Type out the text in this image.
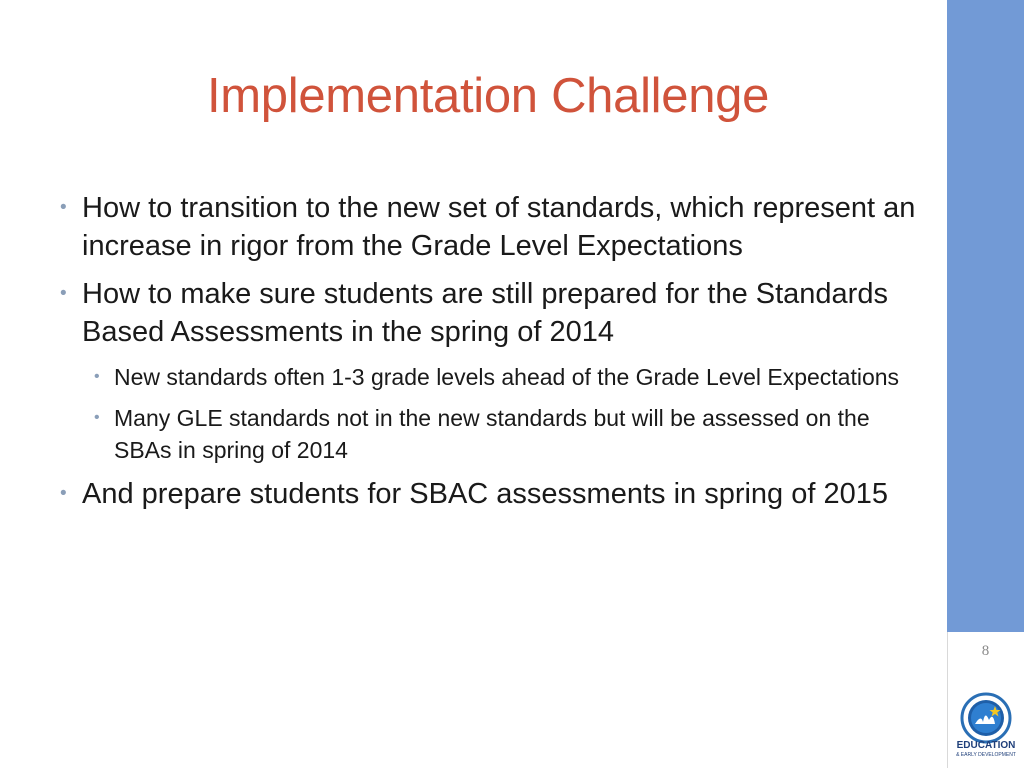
8
Implementation Challenge
• How to transition to the new set of standards, which represent an increase in rigor from the Grade Level Expectations
• How to make sure students are still prepared for the Standards Based Assessments in the spring of 2014
• New standards often 1-3 grade levels ahead of the Grade Level Expectations
• Many GLE standards not in the new standards but will be assessed on the SBAs in spring of 2014
• And prepare students for SBAC assessments in spring of 2015
EDUCATION
& EARLY DEVELOPMENT
